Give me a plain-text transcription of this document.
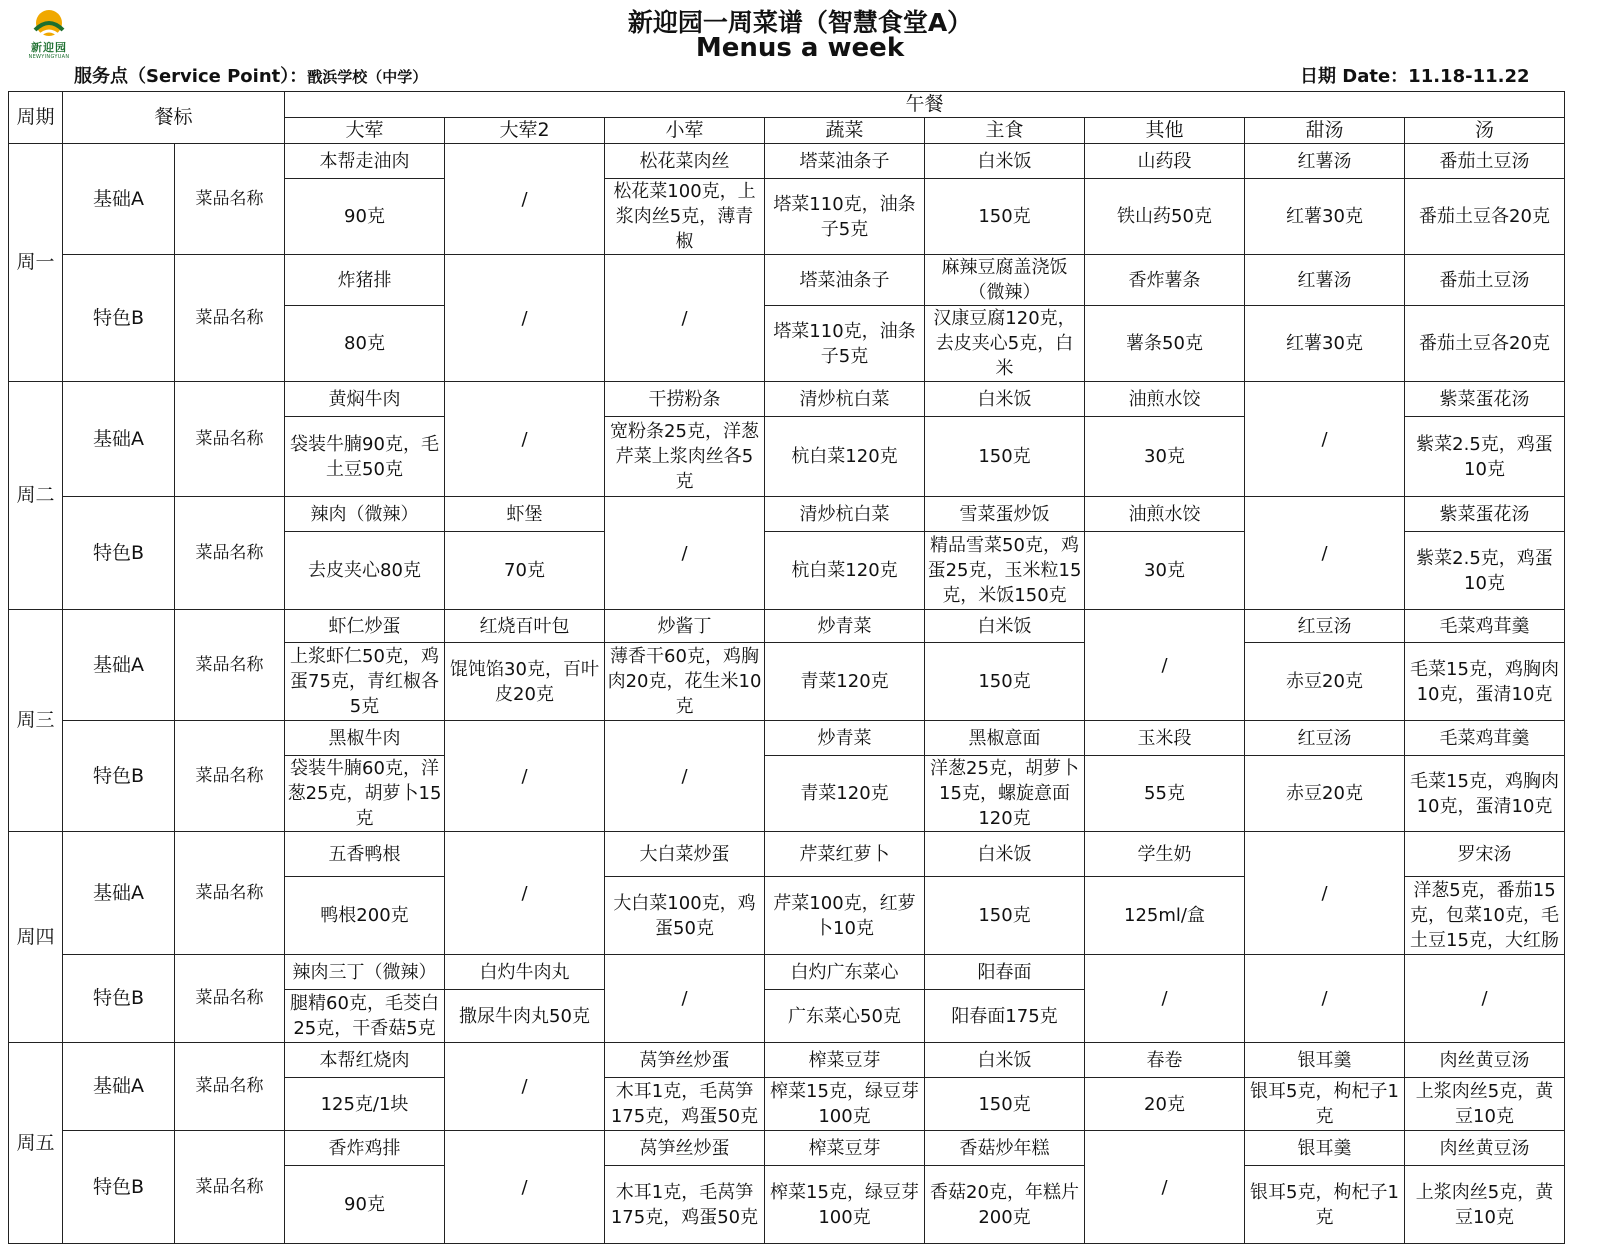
新迎园
NEWYINGYUAN
新迎园一周菜谱（智慧食堂A）
Menus a week
服务点（Service Point）：戬浜学校（中学）	日期 Date：11.18-11.22
周期	餐标		午餐							
			大荤	大荤2	小荤	蔬菜	主食	其他	甜汤	汤
周一	基础A	菜品名称	本帮走油肉	/	松花菜肉丝	塔菜油条子	白米饭	山药段	红薯汤	番茄土豆汤
			90克		松花菜100克，上浆肉丝5克，薄青椒	塔菜110克，油条子5克	150克	铁山药50克	红薯30克	番茄土豆各20克
	特色B	菜品名称	炸猪排	/	/	塔菜油条子	麻辣豆腐盖浇饭（微辣）	香炸薯条	红薯汤	番茄土豆汤
			80克			塔菜110克，油条子5克	汉康豆腐120克，去皮夹心5克，白米	薯条50克	红薯30克	番茄土豆各20克
周二	基础A	菜品名称	黄焖牛肉	/	干捞粉条	清炒杭白菜	白米饭	油煎水饺	/	紫菜蛋花汤
			袋装牛腩90克，毛土豆50克		宽粉条25克，洋葱芹菜上浆肉丝各5克	杭白菜120克	150克	30克		紫菜2.5克，鸡蛋10克
	特色B	菜品名称	辣肉（微辣）	虾堡	/	清炒杭白菜	雪菜蛋炒饭	油煎水饺	/	紫菜蛋花汤
			去皮夹心80克	70克		杭白菜120克	精品雪菜50克，鸡蛋25克，玉米粒15克，米饭150克	30克		紫菜2.5克，鸡蛋10克
周三	基础A	菜品名称	虾仁炒蛋	红烧百叶包	炒酱丁	炒青菜	白米饭	/	红豆汤	毛菜鸡茸羹
			上浆虾仁50克，鸡蛋75克，青红椒各5克	馄饨馅30克，百叶皮20克	薄香干60克，鸡胸肉20克，花生米10克	青菜120克	150克		赤豆20克	毛菜15克，鸡胸肉10克，蛋清10克
	特色B	菜品名称	黑椒牛肉	/	/	炒青菜	黑椒意面	玉米段	红豆汤	毛菜鸡茸羹
			袋装牛腩60克，洋葱25克，胡萝卜15克			青菜120克	洋葱25克，胡萝卜15克，螺旋意面120克	55克	赤豆20克	毛菜15克，鸡胸肉10克，蛋清10克
周四	基础A	菜品名称	五香鸭根	/	大白菜炒蛋	芹菜红萝卜	白米饭	学生奶	/	罗宋汤
			鸭根200克		大白菜100克，鸡蛋50克	芹菜100克，红萝卜10克	150克	125ml/盒		洋葱5克，番茄15克，包菜10克，毛土豆15克，大红肠
	特色B	菜品名称	辣肉三丁（微辣）	白灼牛肉丸	/	白灼广东菜心	阳春面	/	/	/
			腿精60克，毛茭白25克，干香菇5克	撒尿牛肉丸50克		广东菜心50克	阳春面175克			
周五	基础A	菜品名称	本帮红烧肉	/	莴笋丝炒蛋	榨菜豆芽	白米饭	春卷	银耳羹	肉丝黄豆汤
			125克/1块		木耳1克，毛莴笋175克，鸡蛋50克	榨菜15克，绿豆芽100克	150克	20克	银耳5克，枸杞子1克	上浆肉丝5克，黄豆10克
	特色B	菜品名称	香炸鸡排	/	莴笋丝炒蛋	榨菜豆芽	香菇炒年糕	/	银耳羹	肉丝黄豆汤
			90克		木耳1克，毛莴笋175克，鸡蛋50克	榨菜15克，绿豆芽100克	香菇20克，年糕片200克		银耳5克，枸杞子1克	上浆肉丝5克，黄豆10克
